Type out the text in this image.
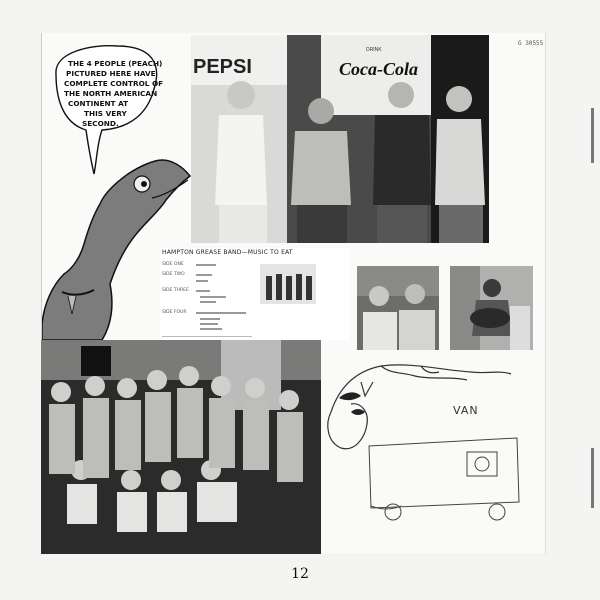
G 30555
THE 4 PEOPLE (PEACH)
PICTURED HERE HAVE
COMPLETE CONTROL OF
THE NORTH AMERICAN
CONTINENT AT
THIS VERY
SECOND.
PEPSI
DRINK
Coca-Cola
HAMPTON GREASE BAND—MUSIC TO EAT
SIDE ONE
SIDE TWO
SIDE THREE
SIDE FOUR
VAN
12
